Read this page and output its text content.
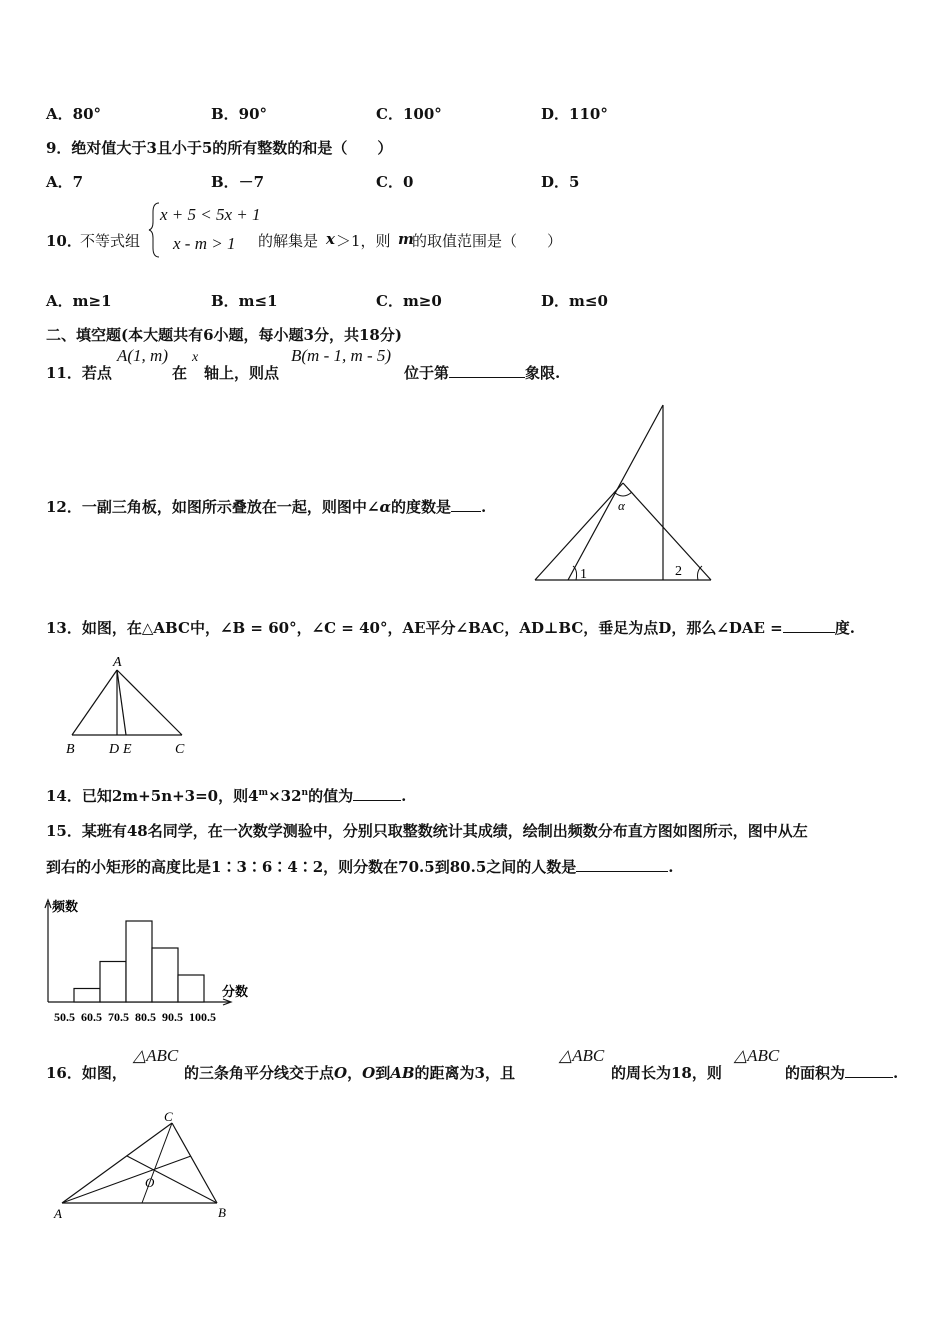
A．80°	B．90°	C．100°	D．110°
9．绝对值大于3且小于5的所有整数的和是（　　）
A．7	B．－7	C．0	D．5
10．
不等式组
x + 5 < 5x + 1
x - m > 1 的解集是 x ＞1，则 m
的取值范围是（　　）
A．m≥1	B．m≤1	C．m≥0	D．m≤0
二、填空题(本大题共有6小题，每小题3分，共18分)
11．若点
A(1, m)
在
x
轴上，则点
B(m - 1, m - 5)
位于第	象限.
12．一副三角板，如图所示叠放在一起，则图中∠α的度数是 .	α
1	2
13．如图，在△ABC中，∠B = 60°，∠C = 40°，AE平分∠BAC，AD⊥BC，垂足为点D，那么∠DAE =	度.
A
B D E	C
14．已知2m+5n+3=0，则$4^m\times 32^n$的值为	.
15．某班有48名同学，在一次数学测验中，分别只取整数统计其成绩，绘制出频数分布直方图如图所示，图中从左
到右的小矩形的高度比是1∶3∶6∶4∶2，则分数在70.5到80.5之间的人数是	.
50.5 60.5 70.5 80.5 90.5 100.5
频数
分数
16．如图，
△ABC
的三条角平分线交于点O，O到AB的距离为3，且
△ABC
的周长为18，则
△ABC
的面积为	.
A	B
C
O
